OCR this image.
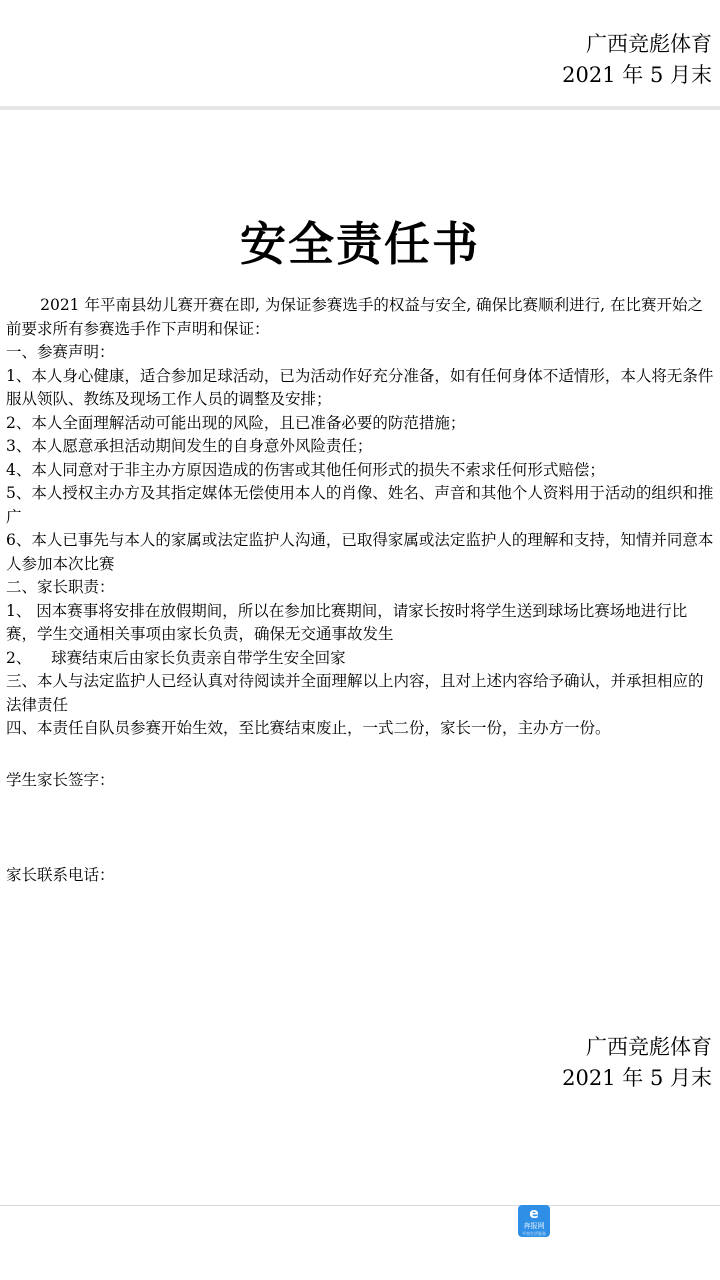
广西竞彪体育
2021 年 5 月末
安全责任书

2021 年平南县幼儿赛开赛在即, 为保证参赛选手的权益与安全, 确保比赛顺利进行, 在比赛开始之前要求所有参赛选手作下声明和保证：

一、参赛声明：

1、本人身心健康，适合参加足球活动，已为活动作好充分准备，如有任何身体不适情形，本人将无条件服从领队、教练及现场工作人员的调整及安排；

2、本人全面理解活动可能出现的风险，且已准备必要的防范措施；

3、本人愿意承担活动期间发生的自身意外风险责任；

4、本人同意对于非主办方原因造成的伤害或其他任何形式的损失不索求任何形式赔偿；

5、本人授权主办方及其指定媒体无偿使用本人的肖像、姓名、声音和其他个人资料用于活动的组织和推广

6、本人已事先与本人的家属或法定监护人沟通，已取得家属或法定监护人的理解和支持，知情并同意本人参加本次比赛

二、家长职责：

1、 因本赛事将安排在放假期间，所以在参加比赛期间，请家长按时将学生送到球场比赛场地进行比赛，学生交通相关事项由家长负责，确保无交通事故发生

2、    球赛结束后由家长负责亲自带学生安全回家

三、本人与法定监护人已经认真对待阅读并全面理解以上内容，且对上述内容给予确认，并承担相应的法律责任

四、本责任自队员参赛开始生效，至比赛结束废止，一式二份，家长一份，主办方一份。

学生家长签字：
家长联系电话：
广西竞彪体育
2021 年 5 月末
e
奔报网
平南生活服务
